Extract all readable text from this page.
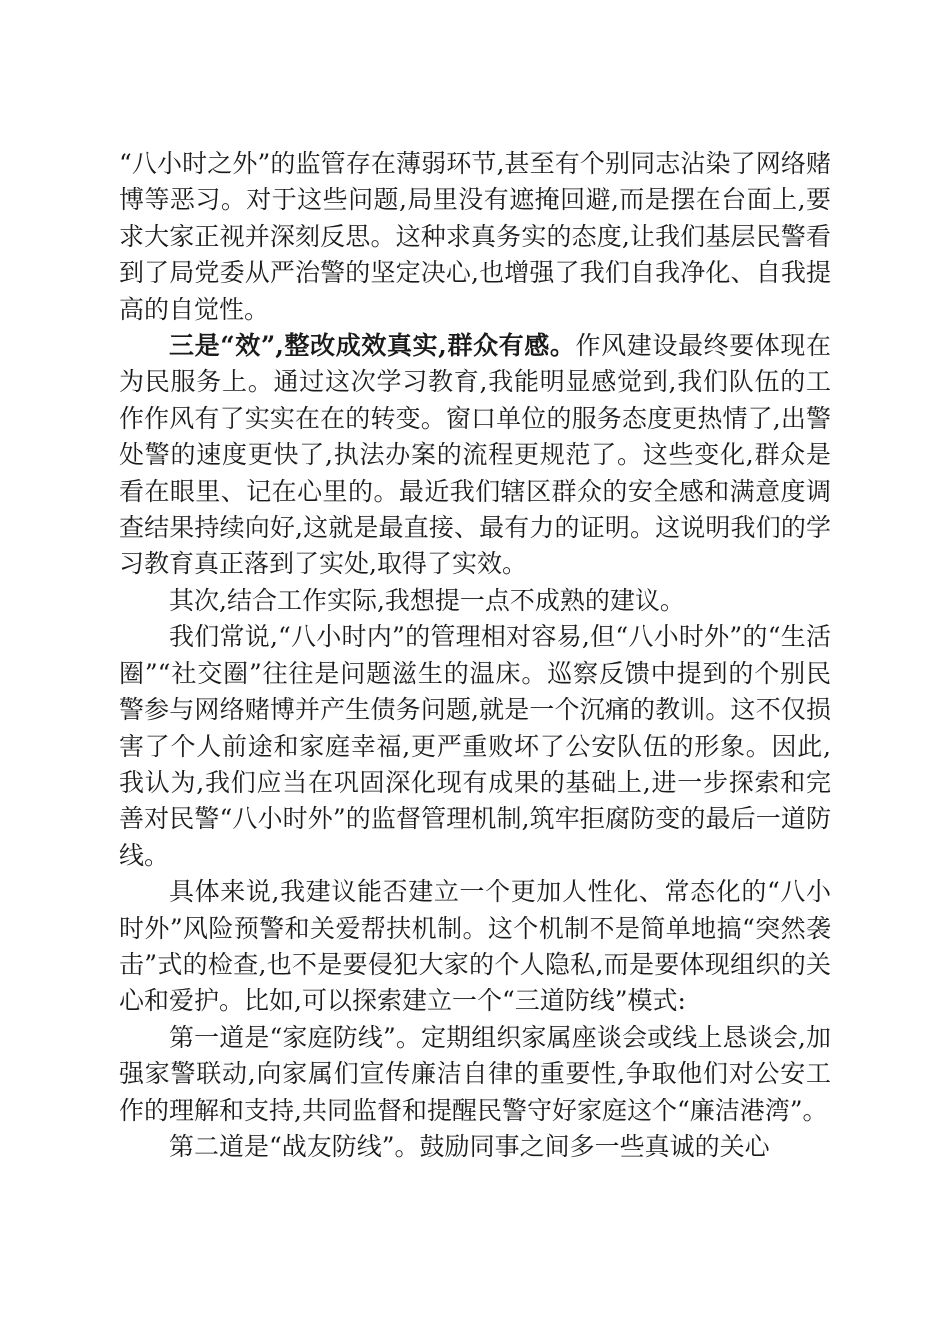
“八小时之外”的监管存在薄弱环节,甚至有个别同志沾染了网络赌博等恶习。对于这些问题,局里没有遮掩回避,而是摆在台面上,要求大家正视并深刻反思。这种求真务实的态度,让我们基层民警看到了局党委从严治警的坚定决心,也增强了我们自我净化、自我提高的自觉性。

三是“效”,整改成效真实,群众有感。作风建设最终要体现在为民服务上。通过这次学习教育,我能明显感觉到,我们队伍的工作作风有了实实在在的转变。窗口单位的服务态度更热情了,出警处警的速度更快了,执法办案的流程更规范了。这些变化,群众是看在眼里、记在心里的。最近我们辖区群众的安全感和满意度调查结果持续向好,这就是最直接、最有力的证明。这说明我们的学习教育真正落到了实处,取得了实效。

其次,结合工作实际,我想提一点不成熟的建议。

我们常说,“八小时内”的管理相对容易,但“八小时外”的“生活圈”“社交圈”往往是问题滋生的温床。巡察反馈中提到的个别民警参与网络赌博并产生债务问题,就是一个沉痛的教训。这不仅损害了个人前途和家庭幸福,更严重败坏了公安队伍的形象。因此,我认为,我们应当在巩固深化现有成果的基础上,进一步探索和完善对民警“八小时外”的监督管理机制,筑牢拒腐防变的最后一道防线。

具体来说,我建议能否建立一个更加人性化、常态化的“八小时外”风险预警和关爱帮扶机制。这个机制不是简单地搞“突然袭击”式的检查,也不是要侵犯大家的个人隐私,而是要体现组织的关心和爱护。比如,可以探索建立一个“三道防线”模式:

第一道是“家庭防线”。定期组织家属座谈会或线上恳谈会,加强家警联动,向家属们宣传廉洁自律的重要性,争取他们对公安工作的理解和支持,共同监督和提醒民警守好家庭这个“廉洁港湾”。

第二道是“战友防线”。鼓励同事之间多一些真诚的关心
